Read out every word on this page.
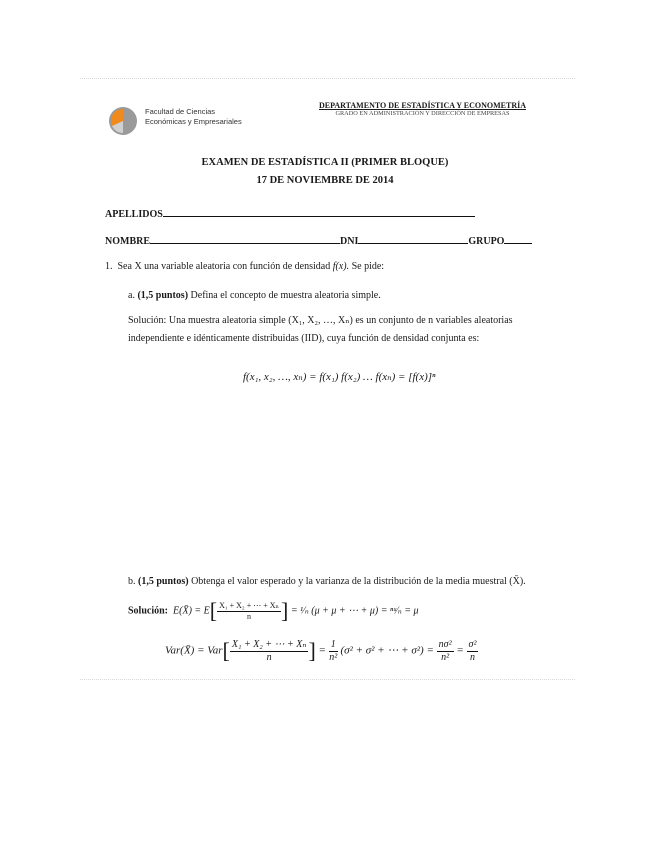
Facultad de Ciencias
Económicas y Empresariales
DEPARTAMENTO DE ESTADÍSTICA Y ECONOMETRÍA
GRADO EN ADMINISTRACIÓN Y DIRECCIÓN DE EMPRESAS
EXAMEN DE ESTADÍSTICA II (PRIMER BLOQUE)
17 DE NOVIEMBRE DE 2014
APELLIDOS
NOMBRE	DNI	GRUPO
1. Sea X una variable aleatoria con función de densidad f(x). Se pide:
a. (1,5 puntos) Defina el concepto de muestra aleatoria simple.
Solución: Una muestra aleatoria simple (X₁, X₂, …, Xₙ) es un conjunto de n variables aleatorias
independiente e idénticamente distribuidas (IID), cuya función de densidad conjunta es:
f(x₁, x₂, …, xₙ) = f(x₁) f(x₂) … f(xₙ) = [f(x)]ⁿ
b. (1,5 puntos) Obtenga el valor esperado y la varianza de la distribución de la media muestral (X̄).
Solución: E(X̄) = $E[ \frac{\text{X₁ + X₂ + ⋯ + Xₙ}}{n}$ ] = ¹⁄ₙ (μ + μ + ⋯ + μ) = ⁿᵘ⁄ₙ = μ
Var(X̄) = $Var[ \frac{\text{X₁ + X₂ + ⋯ + Xₙ}}{n}$ ] = $\frac{1}{\text{n²}} (\sigma^2 + \sigma^2$ + ⋯ + $\sigma^2) = \frac{\text{nσ²}}{\text{n²}} = \frac{\text{σ²}}{n}$
